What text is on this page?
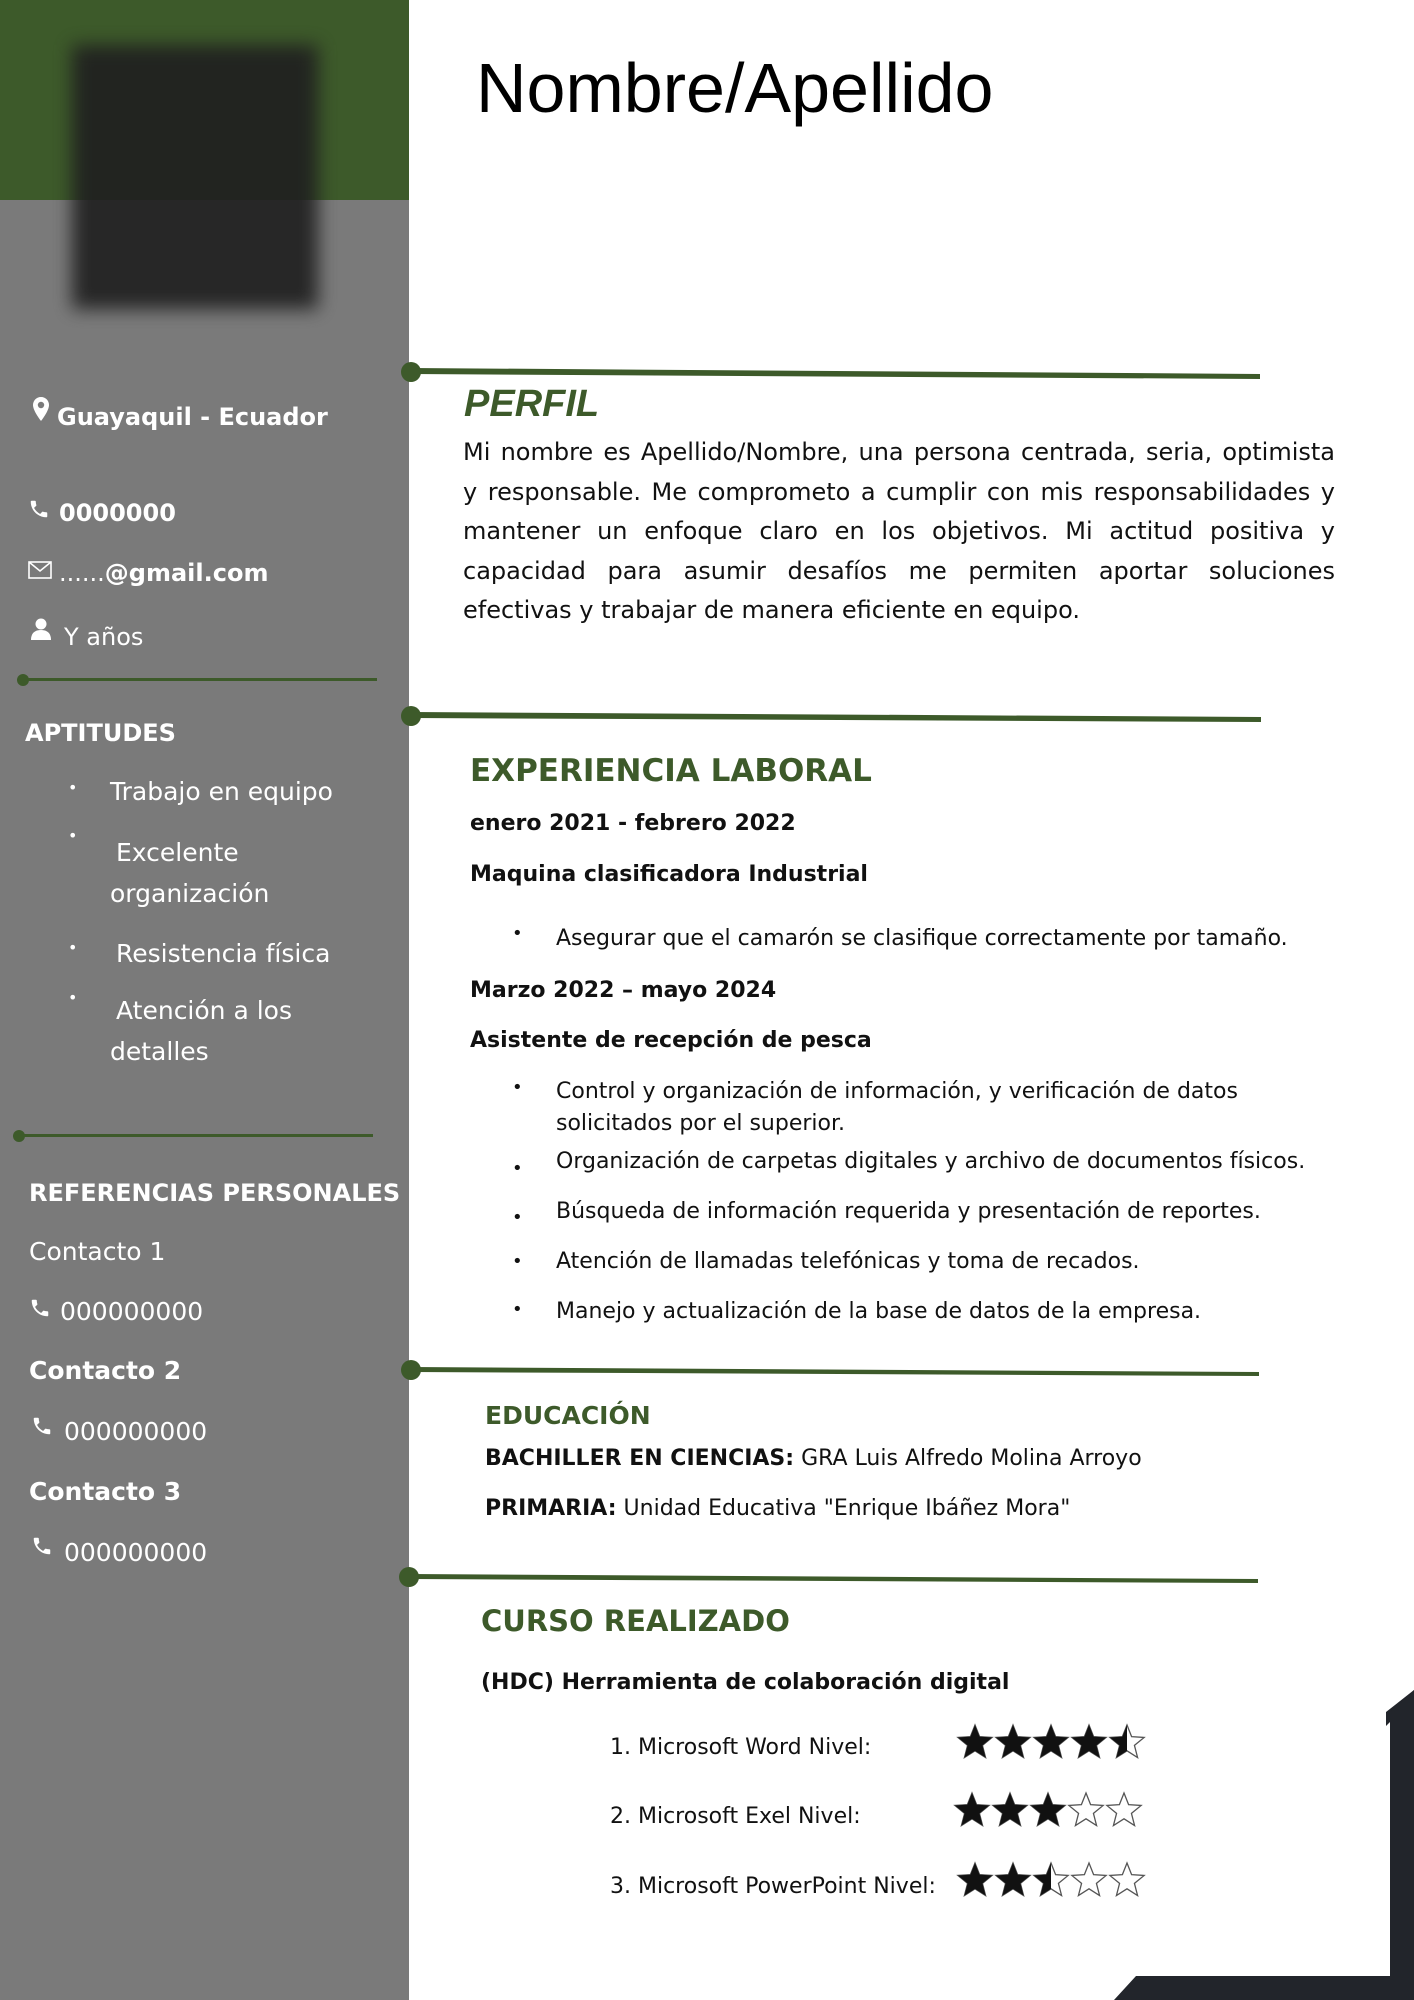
Guayaquil - Ecuador
0000000
......@gmail.com
Y años
APTITUDES
• Trabajo en equipo
•
Excelente organización
• Resistencia física
• Atención a los detalles
REFERENCIAS PERSONALES
Contacto 1
000000000
Contacto 2
000000000
Contacto 3
000000000
Nombre/Apellido
PERFIL
Mi nombre es Apellido/Nombre, una persona centrada, seria, optimista y responsable. Me comprometo a cumplir con mis responsabilidades y mantener un enfoque claro en los objetivos. Mi actitud positiva y capacidad para asumir desafíos me permiten aportar soluciones efectivas y trabajar de manera eficiente en equipo.
EXPERIENCIA LABORAL
enero 2021 - febrero 2022
Maquina clasificadora Industrial
• Asegurar que el camarón se clasifique correctamente por tamaño.
Marzo 2022 – mayo 2024
Asistente de recepción de pesca
• Control y organización de información, y verificación de datos solicitados por el superior.
• Organización de carpetas digitales y archivo de documentos físicos.
• Búsqueda de información requerida y presentación de reportes.
• Atención de llamadas telefónicas y toma de recados.
• Manejo y actualización de la base de datos de la empresa.
EDUCACIÓN
BACHILLER EN CIENCIAS: GRA Luis Alfredo Molina Arroyo
PRIMARIA: Unidad Educativa "Enrique Ibáñez Mora"
CURSO REALIZADO
(HDC) Herramienta de colaboración digital
1. Microsoft Word Nivel:
2. Microsoft Exel Nivel:
3. Microsoft PowerPoint Nivel:
